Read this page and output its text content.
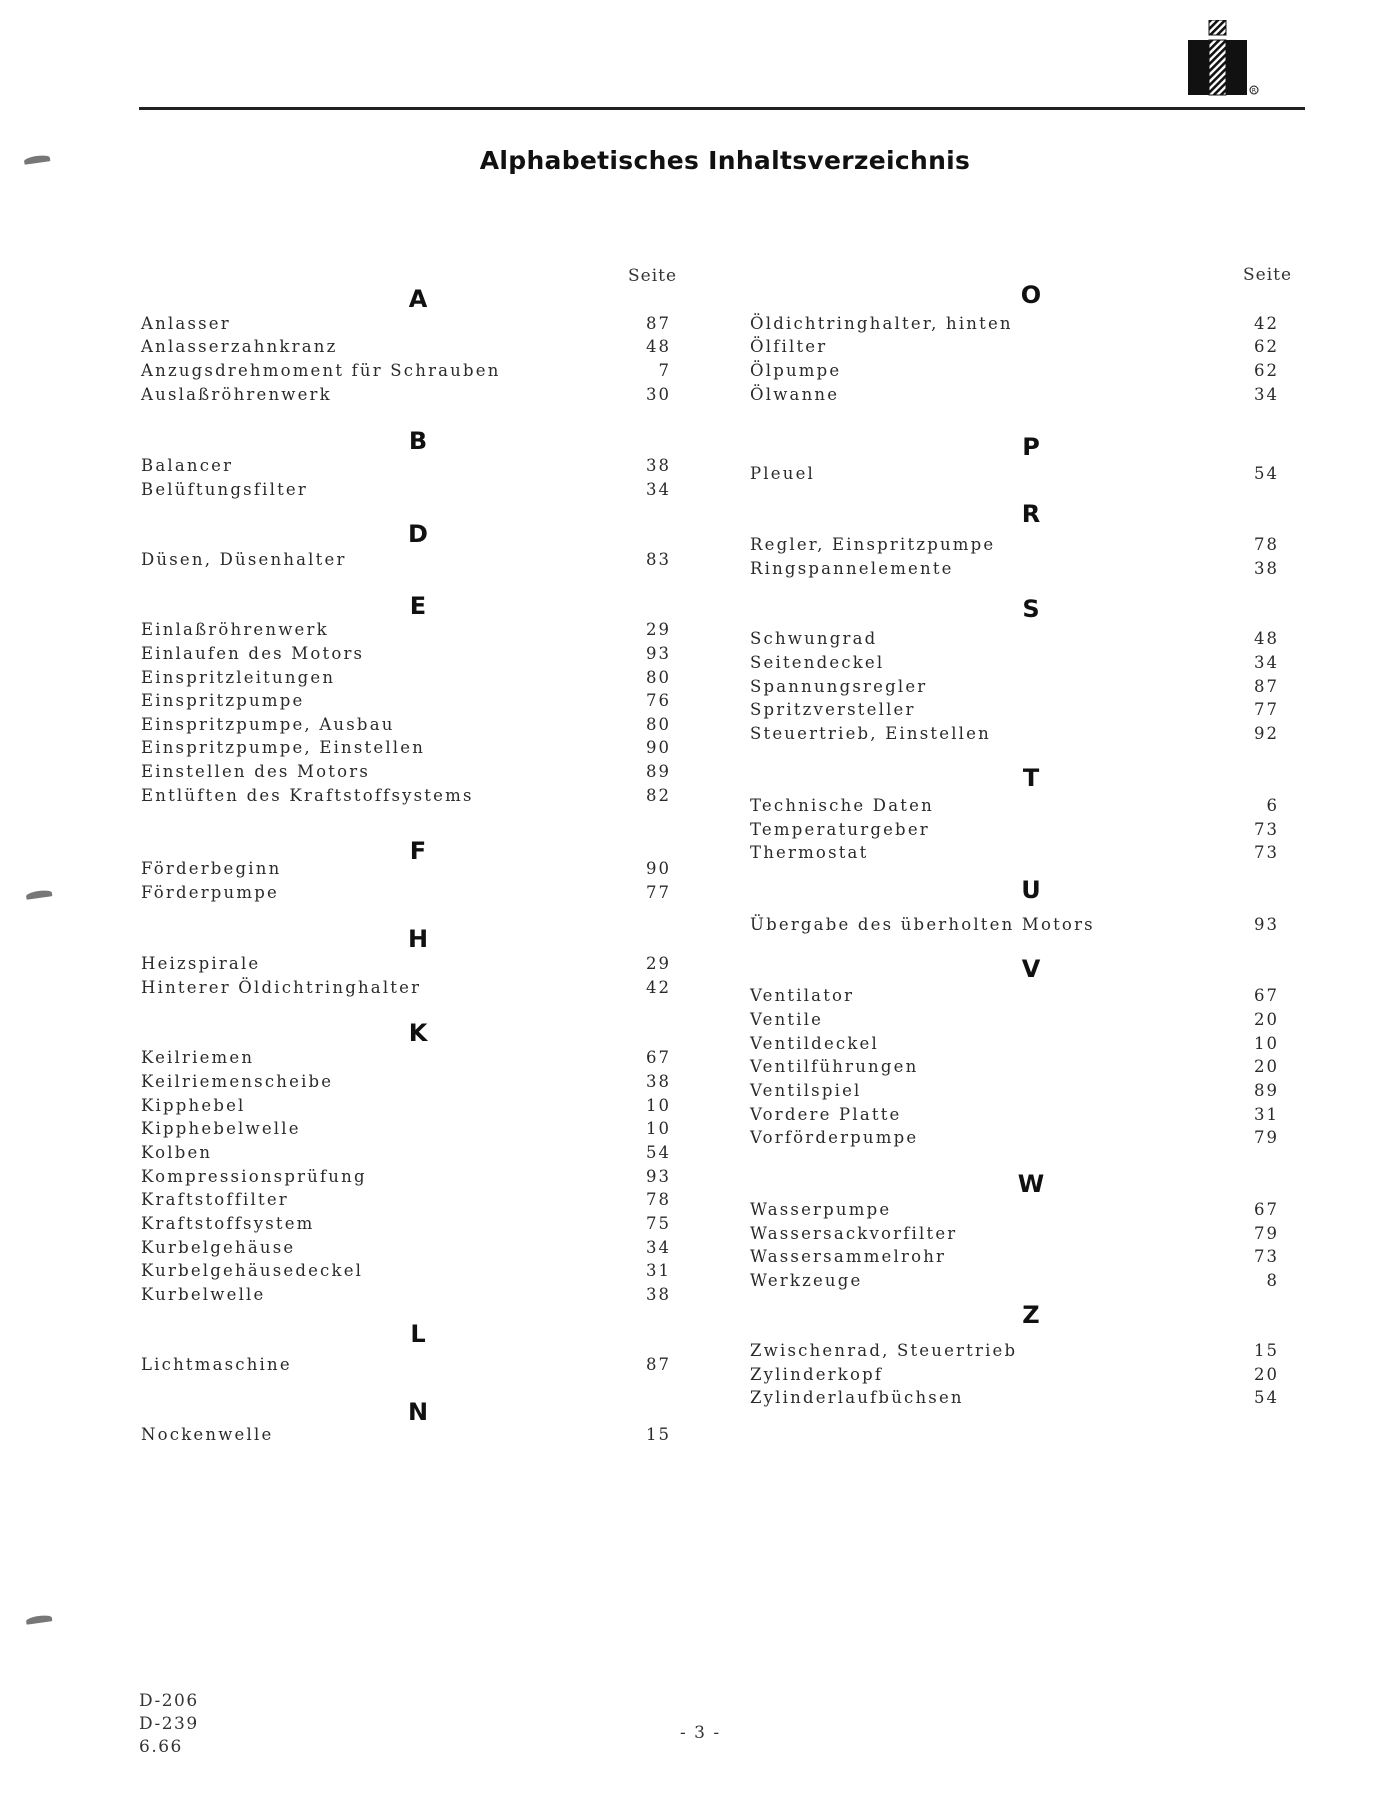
R
Alphabetisches Inhaltsverzeichnis
Seite	Seite
A
Anlasser	87
Anlasserzahnkranz	48
Anzugsdrehmoment für Schrauben	7
Auslaßröhrenwerk	30
B
Balancer	38
Belüftungsfilter	34
D
Düsen, Düsenhalter	83
E
Einlaßröhrenwerk	29
Einlaufen des Motors	93
Einspritzleitungen	80
Einspritzpumpe	76
Einspritzpumpe, Ausbau	80
Einspritzpumpe, Einstellen	90
Einstellen des Motors	89
Entlüften des Kraftstoffsystems	82
F
Förderbeginn	90
Förderpumpe	77
H
Heizspirale	29
Hinterer Öldichtringhalter	42
K
Keilriemen	67
Keilriemenscheibe	38
Kipphebel	10
Kipphebelwelle	10
Kolben	54
Kompressionsprüfung	93
Kraftstoffilter	78
Kraftstoffsystem	75
Kurbelgehäuse	34
Kurbelgehäusedeckel	31
Kurbelwelle	38
L
Lichtmaschine	87
N
Nockenwelle	15
O
Öldichtringhalter, hinten	42
Ölfilter	62
Ölpumpe	62
Ölwanne	34
P
Pleuel	54
R
Regler, Einspritzpumpe	78
Ringspannelemente	38
S
Schwungrad	48
Seitendeckel	34
Spannungsregler	87
Spritzversteller	77
Steuertrieb, Einstellen	92
T
Technische Daten	6
Temperaturgeber	73
Thermostat	73
U
Übergabe des überholten Motors	93
V
Ventilator	67
Ventile	20
Ventildeckel	10
Ventilführungen	20
Ventilspiel	89
Vordere Platte	31
Vorförderpumpe	79
W
Wasserpumpe	67
Wassersackvorfilter	79
Wassersammelrohr	73
Werkzeuge	8
Z
Zwischenrad, Steuertrieb	15
Zylinderkopf	20
Zylinderlaufbüchsen	54
D-206
D-239
6.66
- 3 -
